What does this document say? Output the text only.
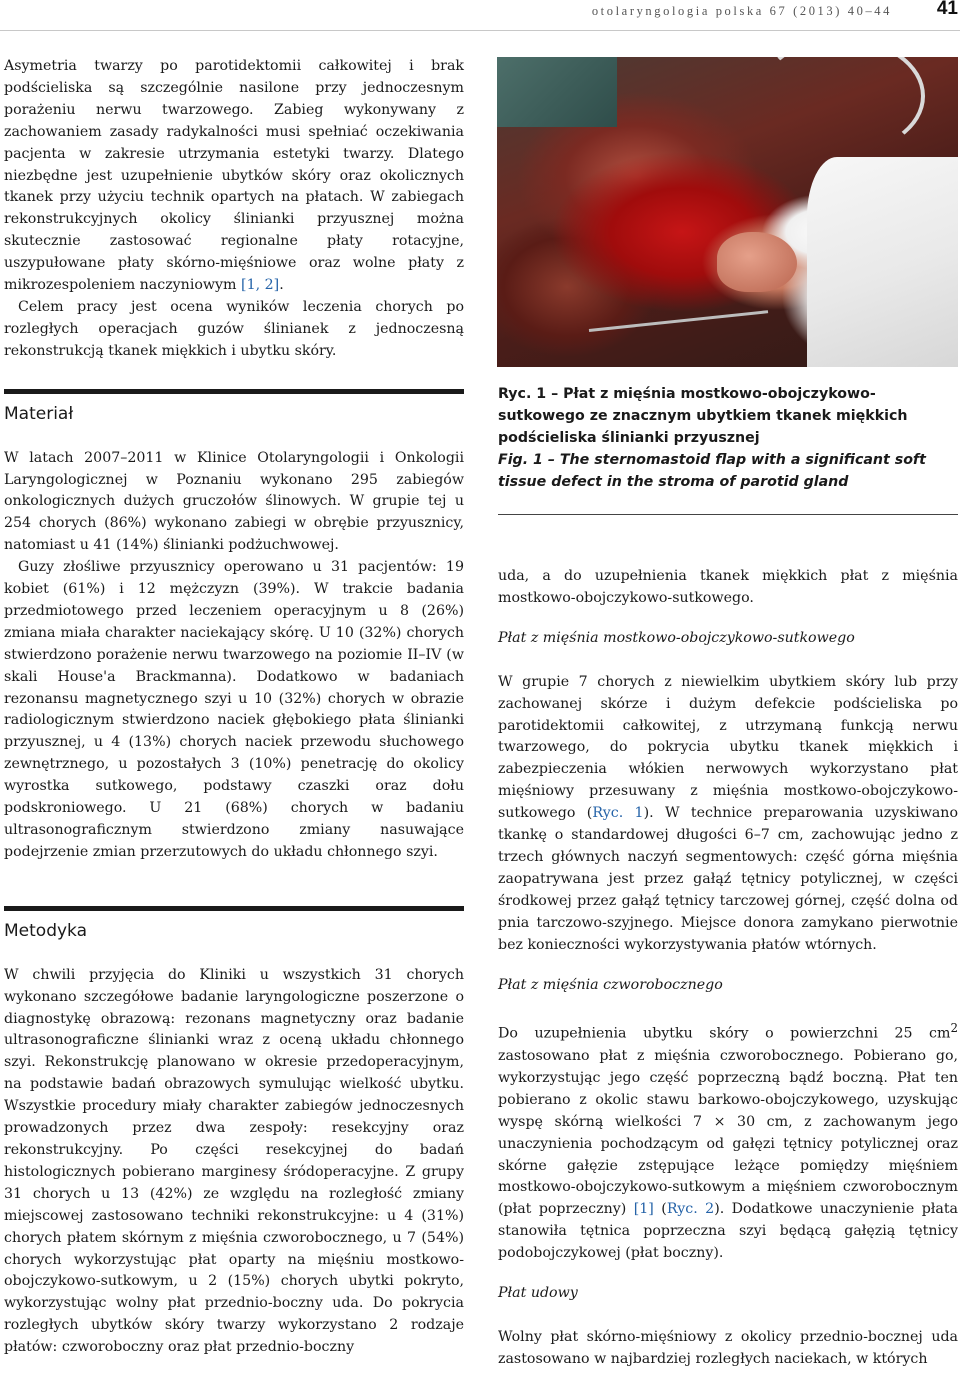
otolaryngologia polska 67 (2013) 40–44 41

Asymetria twarzy po parotidektomii całkowitej i brak podścieliska są szczególnie nasilone przy jednoczesnym porażeniu nerwu twarzowego. Zabieg wykonywany z zachowaniem zasady radykalności musi spełniać oczekiwania pacjenta w zakresie utrzymania estetyki twarzy. Dlatego niezbędne jest uzupełnienie ubytków skóry oraz okolicznych tkanek przy użyciu technik opartych na płatach. W zabiegach rekonstrukcyjnych okolicy ślinianki przyusznej można skutecznie zastosować regionalne płaty rotacyjne, uszypułowane płaty skórno-mięśniowe oraz wolne płaty z mikrozespoleniem naczyniowym [1, 2].

Celem pracy jest ocena wyników leczenia chorych po rozległych operacjach guzów ślinianek z jednoczesną rekonstrukcją tkanek miękkich i ubytku skóry.

Materiał

W latach 2007–2011 w Klinice Otolaryngologii i Onkologii Laryngologicznej w Poznaniu wykonano 295 zabiegów onkologicznych dużych gruczołów ślinowych. W grupie tej u 254 chorych (86%) wykonano zabiegi w obrębie przyusznicy, natomiast u 41 (14%) ślinianki podżuchwowej.

Guzy złośliwe przyusznicy operowano u 31 pacjentów: 19 kobiet (61%) i 12 mężczyzn (39%). W trakcie badania przedmiotowego przed leczeniem operacyjnym u 8 (26%) zmiana miała charakter naciekający skórę. U 10 (32%) chorych stwierdzono porażenie nerwu twarzowego na poziomie II–IV (w skali House'a Brackmanna). Dodatkowo w badaniach rezonansu magnetycznego szyi u 10 (32%) chorych w obrazie radiologicznym stwierdzono naciek głębokiego płata ślinianki przyusznej, u 4 (13%) chorych naciek przewodu słuchowego zewnętrznego, u pozostałych 3 (10%) penetrację do okolicy wyrostka sutkowego, podstawy czaszki oraz dołu podskroniowego. U 21 (68%) chorych w badaniu ultrasonograficznym stwierdzono zmiany nasuwające podejrzenie zmian przerzutowych do układu chłonnego szyi.

Metodyka

W chwili przyjęcia do Kliniki u wszystkich 31 chorych wykonano szczegółowe badanie laryngologiczne poszerzone o diagnostykę obrazową: rezonans magnetyczny oraz badanie ultrasonograficzne ślinianki wraz z oceną układu chłonnego szyi. Rekonstrukcję planowano w okresie przedoperacyjnym, na podstawie badań obrazowych symulując wielkość ubytku. Wszystkie procedury miały charakter zabiegów jednoczesnych prowadzonych przez dwa zespoły: resekcyjny oraz rekonstrukcyjny. Po części resekcyjnej do badań histologicznych pobierano marginesy śródoperacyjne. Z grupy 31 chorych u 13 (42%) ze względu na rozległość zmiany miejscowej zastosowano techniki rekonstrukcyjne: u 4 (31%) chorych płatem skórnym z mięśnia czworobocznego, u 7 (54%) chorych wykorzystując płat oparty na mięśniu mostkowo-obojczykowo-sutkowym, u 2 (15%) chorych ubytki pokryto, wykorzystując wolny płat przednio-boczny uda. Do pokrycia rozległych ubytków skóry twarzy wykorzystano 2 rodzaje płatów: czworoboczny oraz płat przednio-boczny

Ryc. 1 – Płat z mięśnia mostkowo-obojczykowo-sutkowego ze znacznym ubytkiem tkanek miękkich podścieliska ślinianki przyusznej

Fig. 1 – The sternomastoid flap with a significant soft tissue defect in the stroma of parotid gland

uda, a do uzupełnienia tkanek miękkich płat z mięśnia mostkowo-obojczykowo-sutkowego.

Płat z mięśnia mostkowo-obojczykowo-sutkowego

W grupie 7 chorych z niewielkim ubytkiem skóry lub przy zachowanej skórze i dużym defekcie podścieliska po parotidektomii całkowitej, z utrzymaną funkcją nerwu twarzowego, do pokrycia ubytku tkanek miękkich i zabezpieczenia włókien nerwowych wykorzystano płat mięśniowy przesuwany z mięśnia mostkowo-obojczykowo-sutkowego (Ryc. 1). W technice preparowania uzyskiwano tkankę o standardowej długości 6–7 cm, zachowując jedno z trzech głównych naczyń segmentowych: część górna mięśnia zaopatrywana jest przez gałąź tętnicy potylicznej, w części środkowej przez gałąź tętnicy tarczowej górnej, część dolna od pnia tarczowo-szyjnego. Miejsce donora zamykano pierwotnie bez konieczności wykorzystywania płatów wtórnych.

Płat z mięśnia czworobocznego

Do uzupełnienia ubytku skóry o powierzchni 25 $cm^2$ zastosowano płat z mięśnia czworobocznego. Pobierano go, wykorzystując jego część poprzeczną bądź boczną. Płat ten pobierano z okolic stawu barkowo-obojczykowego, uzyskując wyspę skórną wielkości 7 × 30 cm, z zachowanym jego unaczynienia pochodzącym od gałęzi tętnicy potylicznej oraz skórne gałęzie zstępujące leżące pomiędzy mięśniem mostkowo-obojczykowo-sutkowym a mięśniem czworobocznym (płat poprzeczny) [1] (Ryc. 2). Dodatkowe unaczynienie płata stanowiła tętnica poprzeczna szyi będącą gałęzią tętnicy podobojczykowej (płat boczny).

Płat udowy

Wolny płat skórno-mięśniowy z okolicy przednio-bocznej uda zastosowano w najbardziej rozległych naciekach, w których
